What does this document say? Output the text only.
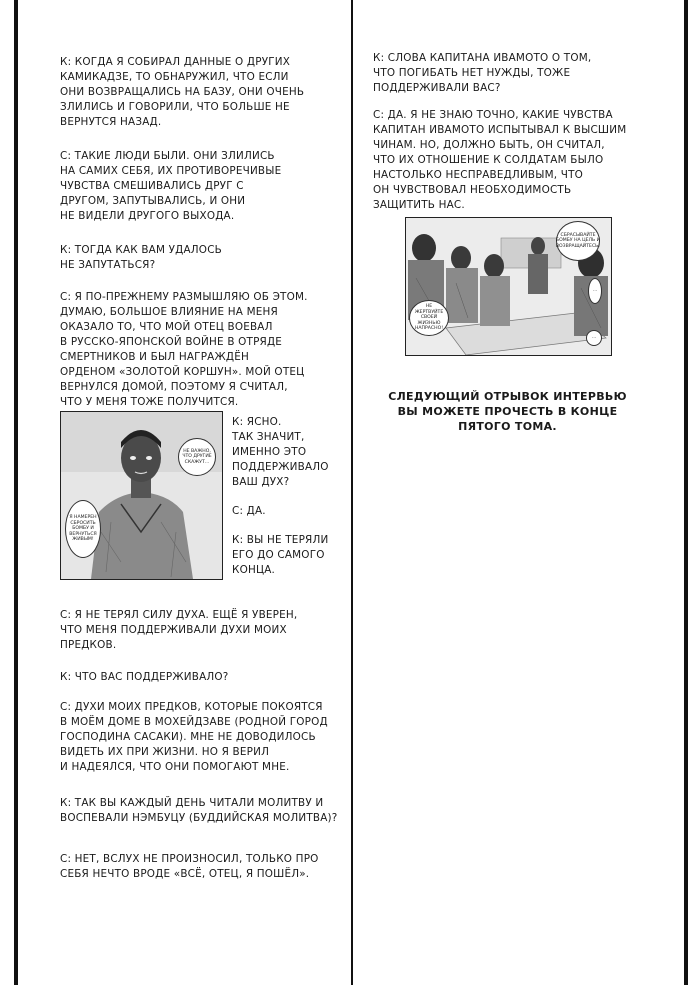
К: КОГДА Я СОБИРАЛ ДАННЫЕ О ДРУГИХ
КАМИКАДЗЕ, ТО ОБНАРУЖИЛ, ЧТО ЕСЛИ
ОНИ ВОЗВРАЩАЛИСЬ НА БАЗУ, ОНИ ОЧЕНЬ
ЗЛИЛИСЬ И ГОВОРИЛИ, ЧТО БОЛЬШЕ НЕ
ВЕРНУТСЯ НАЗАД.

С: ТАКИЕ ЛЮДИ БЫЛИ. ОНИ ЗЛИЛИСЬ
НА САМИХ СЕБЯ, ИХ ПРОТИВОРЕЧИВЫЕ
ЧУВСТВА СМЕШИВАЛИСЬ ДРУГ С
ДРУГОМ, ЗАПУТЫВАЛИСЬ, И ОНИ
НЕ ВИДЕЛИ ДРУГОГО ВЫХОДА.

К: ТОГДА КАК ВАМ УДАЛОСЬ
НЕ ЗАПУТАТЬСЯ?

С: Я ПО-ПРЕЖНЕМУ РАЗМЫШЛЯЮ ОБ ЭТОМ.
ДУМАЮ, БОЛЬШОЕ ВЛИЯНИЕ НА МЕНЯ
ОКАЗАЛО ТО, ЧТО МОЙ ОТЕЦ ВОЕВАЛ
В РУССКО-ЯПОНСКОЙ ВОЙНЕ В ОТРЯДЕ
СМЕРТНИКОВ И БЫЛ НАГРАЖДЁН
ОРДЕНОМ «ЗОЛОТОЙ КОРШУН». МОЙ ОТЕЦ
ВЕРНУЛСЯ ДОМОЙ, ПОЭТОМУ Я СЧИТАЛ,
ЧТО У МЕНЯ ТОЖЕ ПОЛУЧИТСЯ.

НЕ ВАЖНО, ЧТО ДРУГИЕ СКАЖУТ…
Я НАМЕРЕН СБРОСИТЬ БОМБУ И ВЕРНУТЬСЯ ЖИВЫМ!

К: ЯСНО.
ТАК ЗНАЧИТ,
ИМЕННО ЭТО
ПОДДЕРЖИВАЛО
ВАШ ДУХ?

С: ДА.

К: ВЫ НЕ ТЕРЯЛИ
ЕГО ДО САМОГО
КОНЦА.

С: Я НЕ ТЕРЯЛ СИЛУ ДУХА. ЕЩЁ Я УВЕРЕН,
ЧТО МЕНЯ ПОДДЕРЖИВАЛИ ДУХИ МОИХ
ПРЕДКОВ.

К: ЧТО ВАС ПОДДЕРЖИВАЛО?

С: ДУХИ МОИХ ПРЕДКОВ, КОТОРЫЕ ПОКОЯТСЯ
В МОЁМ ДОМЕ В МОХЕЙДЗАВЕ (РОДНОЙ ГОРОД
ГОСПОДИНА САСАКИ). МНЕ НЕ ДОВОДИЛОСЬ
ВИДЕТЬ ИХ ПРИ ЖИЗНИ. НО Я ВЕРИЛ
И НАДЕЯЛСЯ, ЧТО ОНИ ПОМОГАЮТ МНЕ.

К: ТАК ВЫ КАЖДЫЙ ДЕНЬ ЧИТАЛИ МОЛИТВУ И
ВОСПЕВАЛИ НЭМБУЦУ (БУДДИЙСКАЯ МОЛИТВА)?

С: НЕТ, ВСЛУХ НЕ ПРОИЗНОСИЛ, ТОЛЬКО ПРО
СЕБЯ НЕЧТО ВРОДЕ «ВСЁ, ОТЕЦ, Я ПОШЁЛ».

К: СЛОВА КАПИТАНА ИВАМОТО О ТОМ,
ЧТО ПОГИБАТЬ НЕТ НУЖДЫ, ТОЖЕ
ПОДДЕРЖИВАЛИ ВАС?

С: ДА. Я НЕ ЗНАЮ ТОЧНО, КАКИЕ ЧУВСТВА
КАПИТАН ИВАМОТО ИСПЫТЫВАЛ К ВЫСШИМ
ЧИНАМ. НО, ДОЛЖНО БЫТЬ, ОН СЧИТАЛ,
ЧТО ИХ ОТНОШЕНИЕ К СОЛДАТАМ БЫЛО
НАСТОЛЬКО НЕСПРАВЕДЛИВЫМ, ЧТО
ОН ЧУВСТВОВАЛ НЕОБХОДИМОСТЬ
ЗАЩИТИТЬ НАС.

СБРАСЫВАЙТЕ БОМБУ НА ЦЕЛЬ И ВОЗВРАЩАЙТЕСЬ!
НЕ ЖЕРТВУЙТЕ СВОЕЙ ЖИЗНЬЮ НАПРАСНО!
…
…
СЛЕДУЮЩИЙ ОТРЫВОК ИНТЕРВЬЮ
ВЫ МОЖЕТЕ ПРОЧЕСТЬ В КОНЦЕ
ПЯТОГО ТОМА.
